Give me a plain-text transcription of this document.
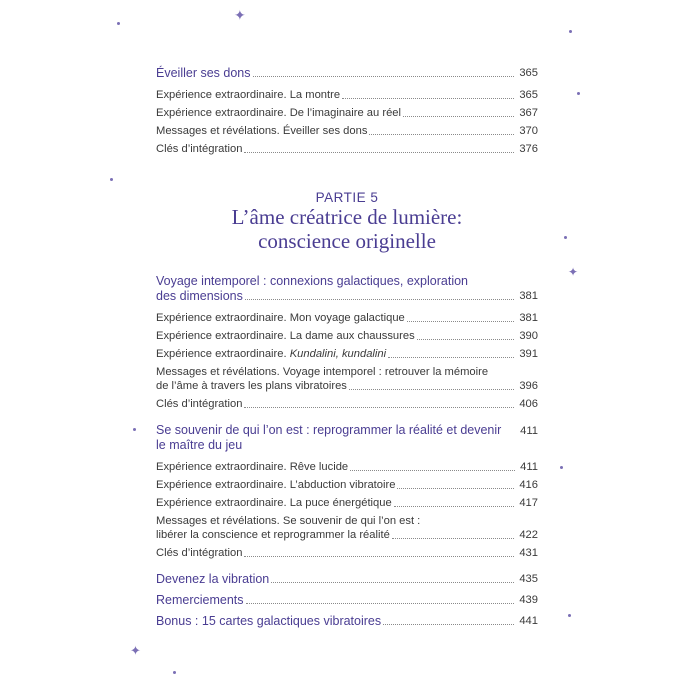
✦
✦
✦
Éveiller ses dons	365
Expérience extraordinaire. La montre	365
Expérience extraordinaire. De l’imaginaire au réel	367
Messages et révélations. Éveiller ses dons	370
Clés d’intégration	376
PARTIE 5
L’âme créatrice de lumière:
conscience originelle
Voyage intemporel : connexions galactiques, exploration
des dimensions	381
Expérience extraordinaire. Mon voyage galactique	381
Expérience extraordinaire. La dame aux chaussures	390
Expérience extraordinaire. Kundalini, kundalini	391
Messages et révélations. Voyage intemporel : retrouver la mémoire
de l’âme à travers les plans vibratoires	396
Clés d’intégration	406
Se souvenir de qui l’on est : reprogrammer la réalité et devenir
le maître du jeu
411
Expérience extraordinaire. Rêve lucide	411
Expérience extraordinaire. L’abduction vibratoire	416
Expérience extraordinaire. La puce énergétique	417
Messages et révélations. Se souvenir de qui l’on est :
libérer la conscience et reprogrammer la réalité	422
Clés d’intégration	431
Devenez la vibration	435
Remerciements	439
Bonus : 15 cartes galactiques vibratoires	441
